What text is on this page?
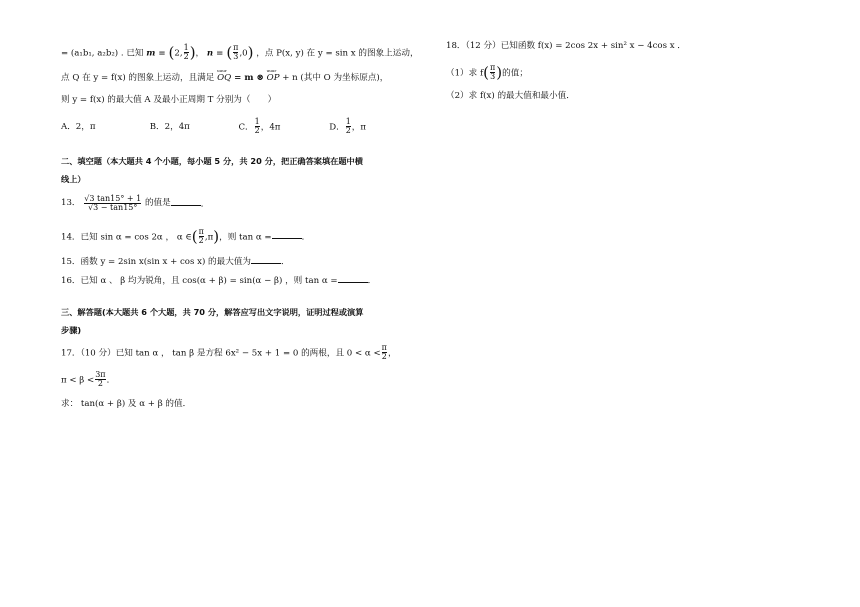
= (a₁b₁, a₂b₂) . 已知 m = (2, $\frac{1}{2}$ )， n = ( $\frac{\pi}{3} ,0$) ，点 P(x, y) 在 y = sin x 的图象上运动，
点 Q 在 y = f(x) 的图象上运动，且满足 uuur OQ = m ⊗ uuur OP + n (其中 O 为坐标原点)，
则 y = f(x) 的最大值 A 及最小正周期 T 分别为（　　）
A．2，π	B．2，4π	C． $\frac{1}{2}$ ，4π	D． $\frac{1}{2}$ ，π
二、填空题（本大题共 4 个小题，每小题 5 分，共 20 分，把正确答案填在题中横
线上）
13． $\frac{√3 \tan 15^\circ + 1}{√3 - \tan 15^\circ}$ 的值是	．
14．已知 sin α = cos 2α ， α ∈( $\frac{\pi}{2} ,\pi$)，则 tan α =	．
15．函数 y = 2sin x(sin x + cos x) 的最大值为	．
16．已知 α 、 β 均为锐角，且 cos(α + β) = sin(α − β) ，则 tan α =	．
三、解答题(本大题共 6 个大题，共 70 分，解答应写出文字说明，证明过程或演算
步骤)
17．（10 分）已知 tan α ， tan β 是方程 6x² − 5x + 1 = 0 的两根，且 $0 < \alpha < \frac{\pi}{2}$ ，
$\pi < \beta < \frac{3\pi}{2}$ ．
求： tan(α + β) 及 α + β 的值．
18．（12 分）已知函数 f(x) = 2cos 2x + sin² x − 4cos x ．
（1）求 $f( \frac{\pi}{3}$ )的值；
（2）求 f(x) 的最大值和最小值．
